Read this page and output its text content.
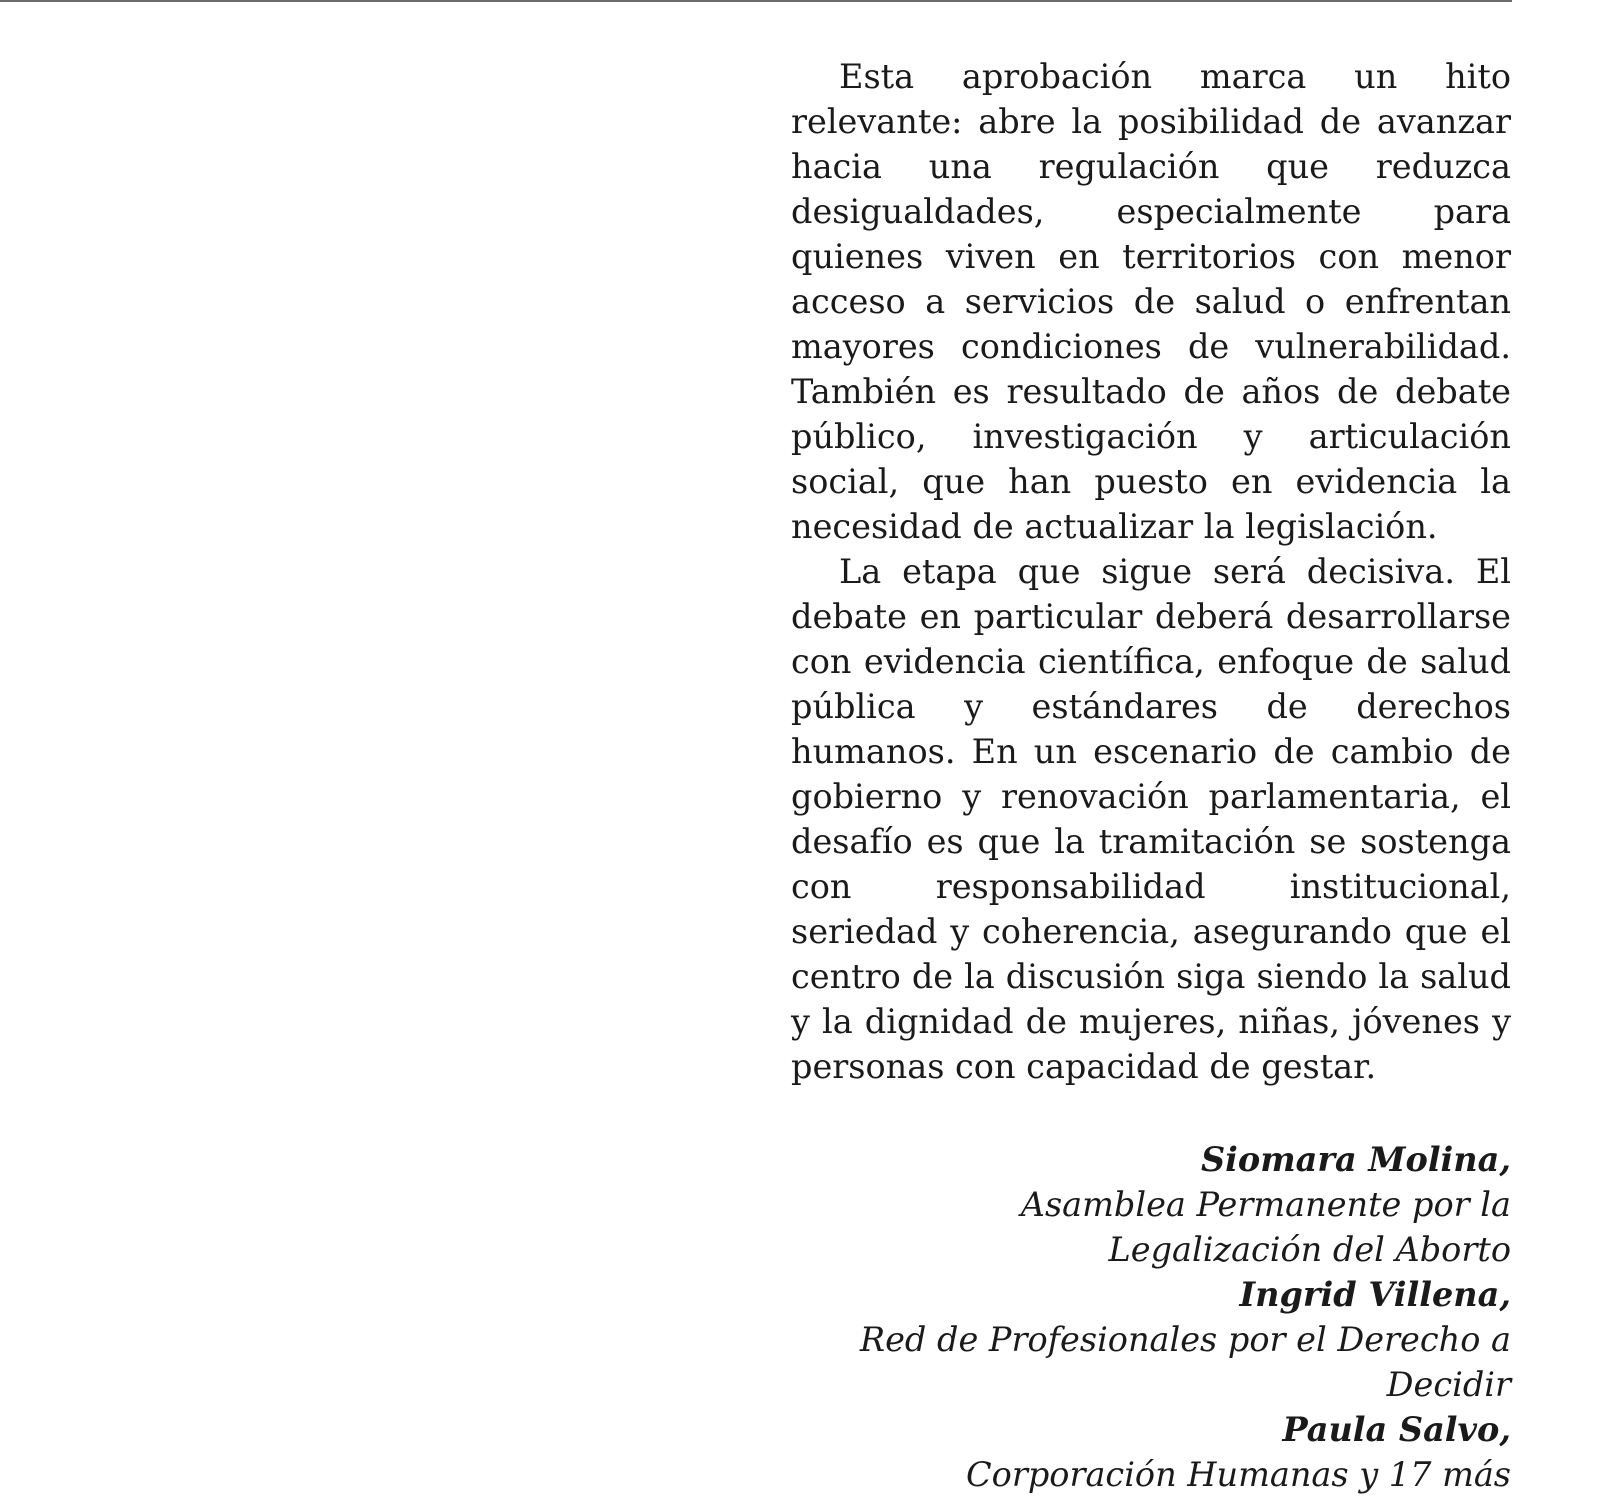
Esta aprobación marca un hito relevante: abre la posibilidad de avanzar hacia una regulación que reduzca desigualdades, especialmente para quienes viven en territorios con menor acceso a servicios de salud o enfrentan mayores condiciones de vulnerabilidad. También es resultado de años de debate público, investigación y articulación social, que han puesto en evidencia la necesidad de actualizar la legislación.

La etapa que sigue será decisiva. El debate en particular deberá desarrollarse con evidencia científica, enfoque de salud pública y estándares de derechos humanos. En un escenario de cambio de gobierno y renovación parlamentaria, el desafío es que la tramitación se sostenga con responsabilidad institucional, seriedad y coherencia, asegurando que el centro de la discusión siga siendo la salud y la dignidad de mujeres, niñas, jóvenes y personas con capacidad de gestar.

Siomara Molina,
Asamblea Permanente por la Legalización del Aborto
Ingrid Villena,
Red de Profesionales por el Derecho a Decidir
Paula Salvo,
Corporación Humanas y 17 más
